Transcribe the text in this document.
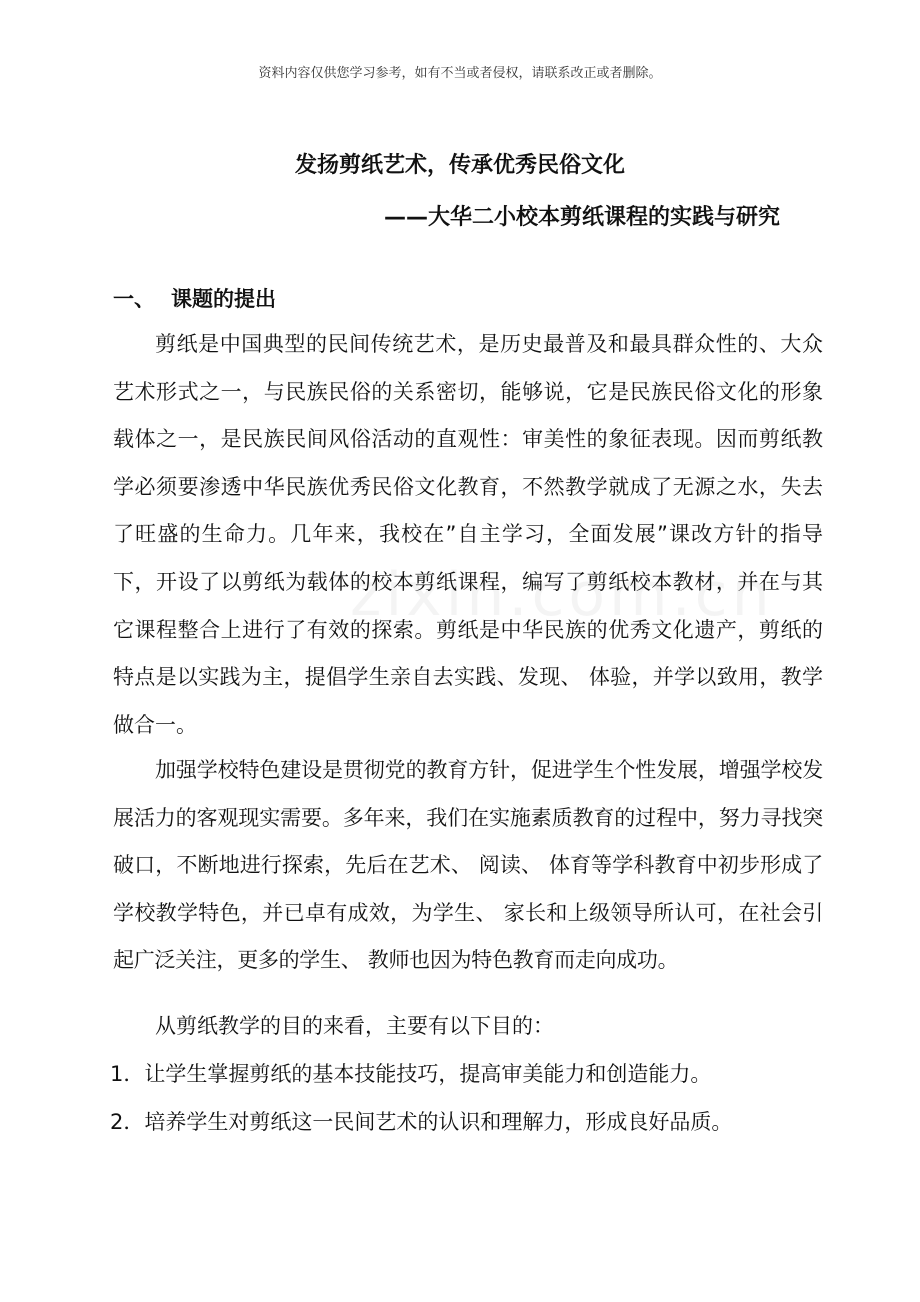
资料内容仅供您学习参考，如有不当或者侵权，请联系改正或者删除。
发扬剪纸艺术，传承优秀民俗文化
——大华二小校本剪纸课程的实践与研究
一、 课题的提出

剪纸是中国典型的民间传统艺术，是历史最普及和最具群众性的、大众艺术形式之一，与民族民俗的关系密切，能够说，它是民族民俗文化的形象载体之一，是民族民间风俗活动的直观性：审美性的象征表现。因而剪纸教学必须要渗透中华民族优秀民俗文化教育，不然教学就成了无源之水，失去了旺盛的生命力。几年来，我校在”自主学习，全面发展”课改方针的指导下，开设了以剪纸为载体的校本剪纸课程，编写了剪纸校本教材，并在与其它课程整合上进行了有效的探索。剪纸是中华民族的优秀文化遗产，剪纸的特点是以实践为主，提倡学生亲自去实践、发现、 体验，并学以致用，教学做合一。

加强学校特色建设是贯彻党的教育方针，促进学生个性发展，增强学校发展活力的客观现实需要。多年来，我们在实施素质教育的过程中，努力寻找突破口，不断地进行探索，先后在艺术、 阅读、 体育等学科教育中初步形成了学校教学特色，并已卓有成效，为学生、 家长和上级领导所认可，在社会引起广泛关注，更多的学生、 教师也因为特色教育而走向成功。

从剪纸教学的目的来看，主要有以下目的：

1．让学生掌握剪纸的基本技能技巧，提高审美能力和创造能力。
2．培养学生对剪纸这一民间艺术的认识和理解力，形成良好品质。
